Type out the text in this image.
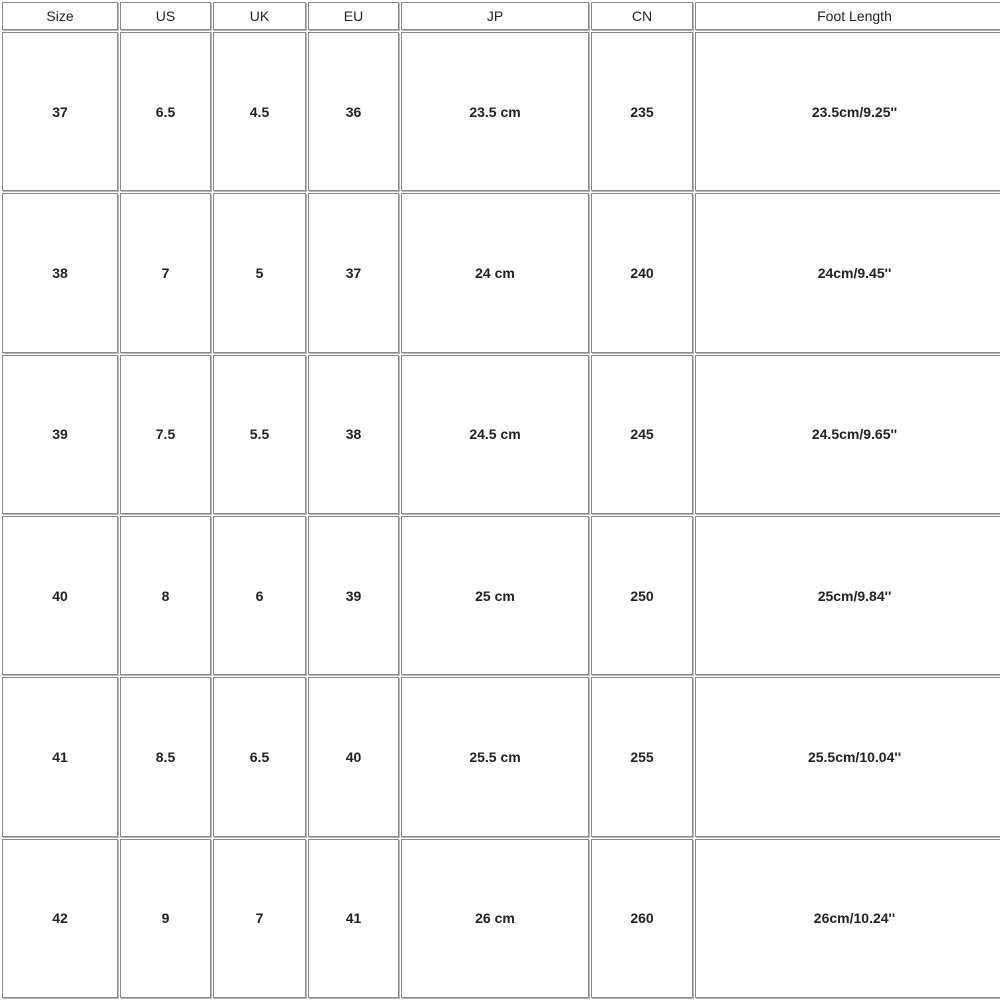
Size	US	UK	EU	JP	CN	Foot Length
37	6.5	4.5	36	23.5 cm	235	23.5cm/9.25''
38	7	5	37	24 cm	240	24cm/9.45''
39	7.5	5.5	38	24.5 cm	245	24.5cm/9.65''
40	8	6	39	25 cm	250	25cm/9.84''
41	8.5	6.5	40	25.5 cm	255	25.5cm/10.04''
42	9	7	41	26 cm	260	26cm/10.24''
